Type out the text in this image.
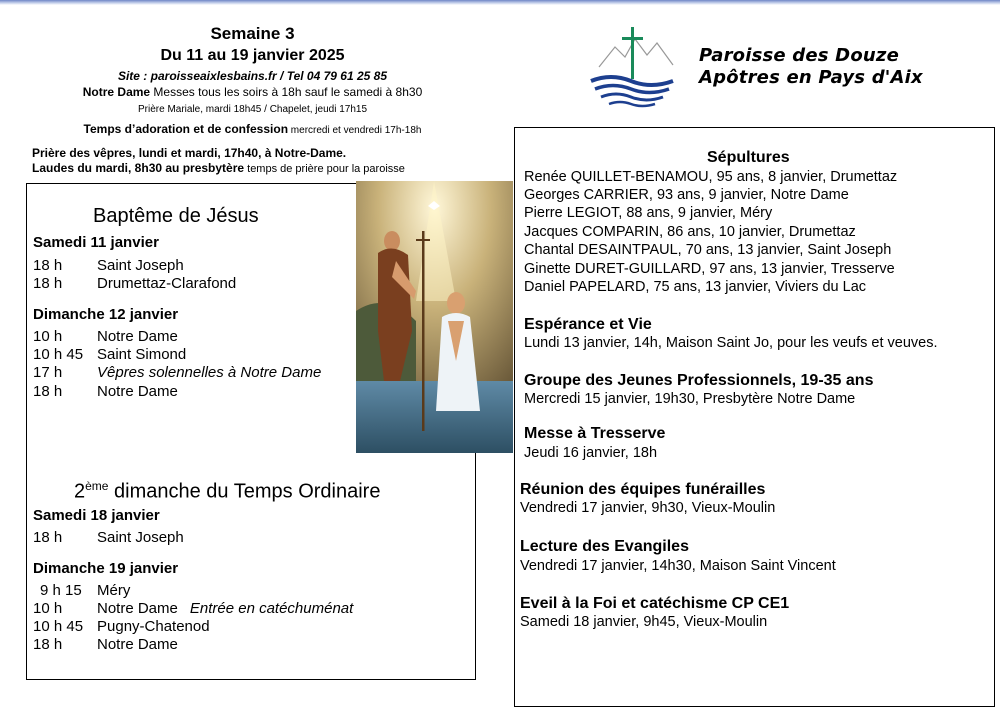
Semaine 3
Du 11 au 19 janvier 2025
Site : paroisseaixlesbains.fr / Tel 04 79 61 25 85
Notre Dame Messes tous les soirs à 18h sauf le samedi à 8h30
Prière Mariale, mardi 18h45 / Chapelet, jeudi 17h15
Temps d’adoration et de confession mercredi et vendredi 17h-18h
Prière des vêpres, lundi et mardi, 17h40, à Notre-Dame.
Laudes du mardi, 8h30 au presbytère temps de prière pour la paroisse
Paroisse des Douze
Apôtres en Pays d'Aix
Baptême de Jésus
Samedi 11 janvier
18 h Saint Joseph
18 h Drumettaz-Clarafond
Dimanche 12 janvier
10 h Notre Dame
10 h 45 Saint Simond
17 h Vêpres solennelles à Notre Dame
18 h Notre Dame
2ème dimanche du Temps Ordinaire
Samedi 18 janvier
18 h Saint Joseph
Dimanche 19 janvier
9 h 15 Méry
10 h Notre Dame Entrée en catéchuménat
10 h 45 Pugny-Chatenod
18 h Notre Dame
Sépultures
Renée QUILLET-BENAMOU, 95 ans, 8 janvier, Drumettaz
Georges CARRIER, 93 ans, 9 janvier, Notre Dame
Pierre LEGIOT, 88 ans, 9 janvier, Méry
Jacques COMPARIN, 86 ans, 10 janvier, Drumettaz
Chantal DESAINTPAUL, 70 ans, 13 janvier, Saint Joseph
Ginette DURET-GUILLARD, 97 ans, 13 janvier, Tresserve
Daniel PAPELARD, 75 ans, 13 janvier, Viviers du Lac
Espérance et Vie
Lundi 13 janvier, 14h, Maison Saint Jo, pour les veufs et veuves.
Groupe des Jeunes Professionnels, 19-35 ans
Mercredi 15 janvier, 19h30, Presbytère Notre Dame
Messe à Tresserve
Jeudi 16 janvier, 18h
Réunion des équipes funérailles
Vendredi 17 janvier, 9h30, Vieux-Moulin
Lecture des Evangiles
Vendredi 17 janvier, 14h30, Maison Saint Vincent
Eveil à la Foi et catéchisme CP CE1
Samedi 18 janvier, 9h45, Vieux-Moulin
